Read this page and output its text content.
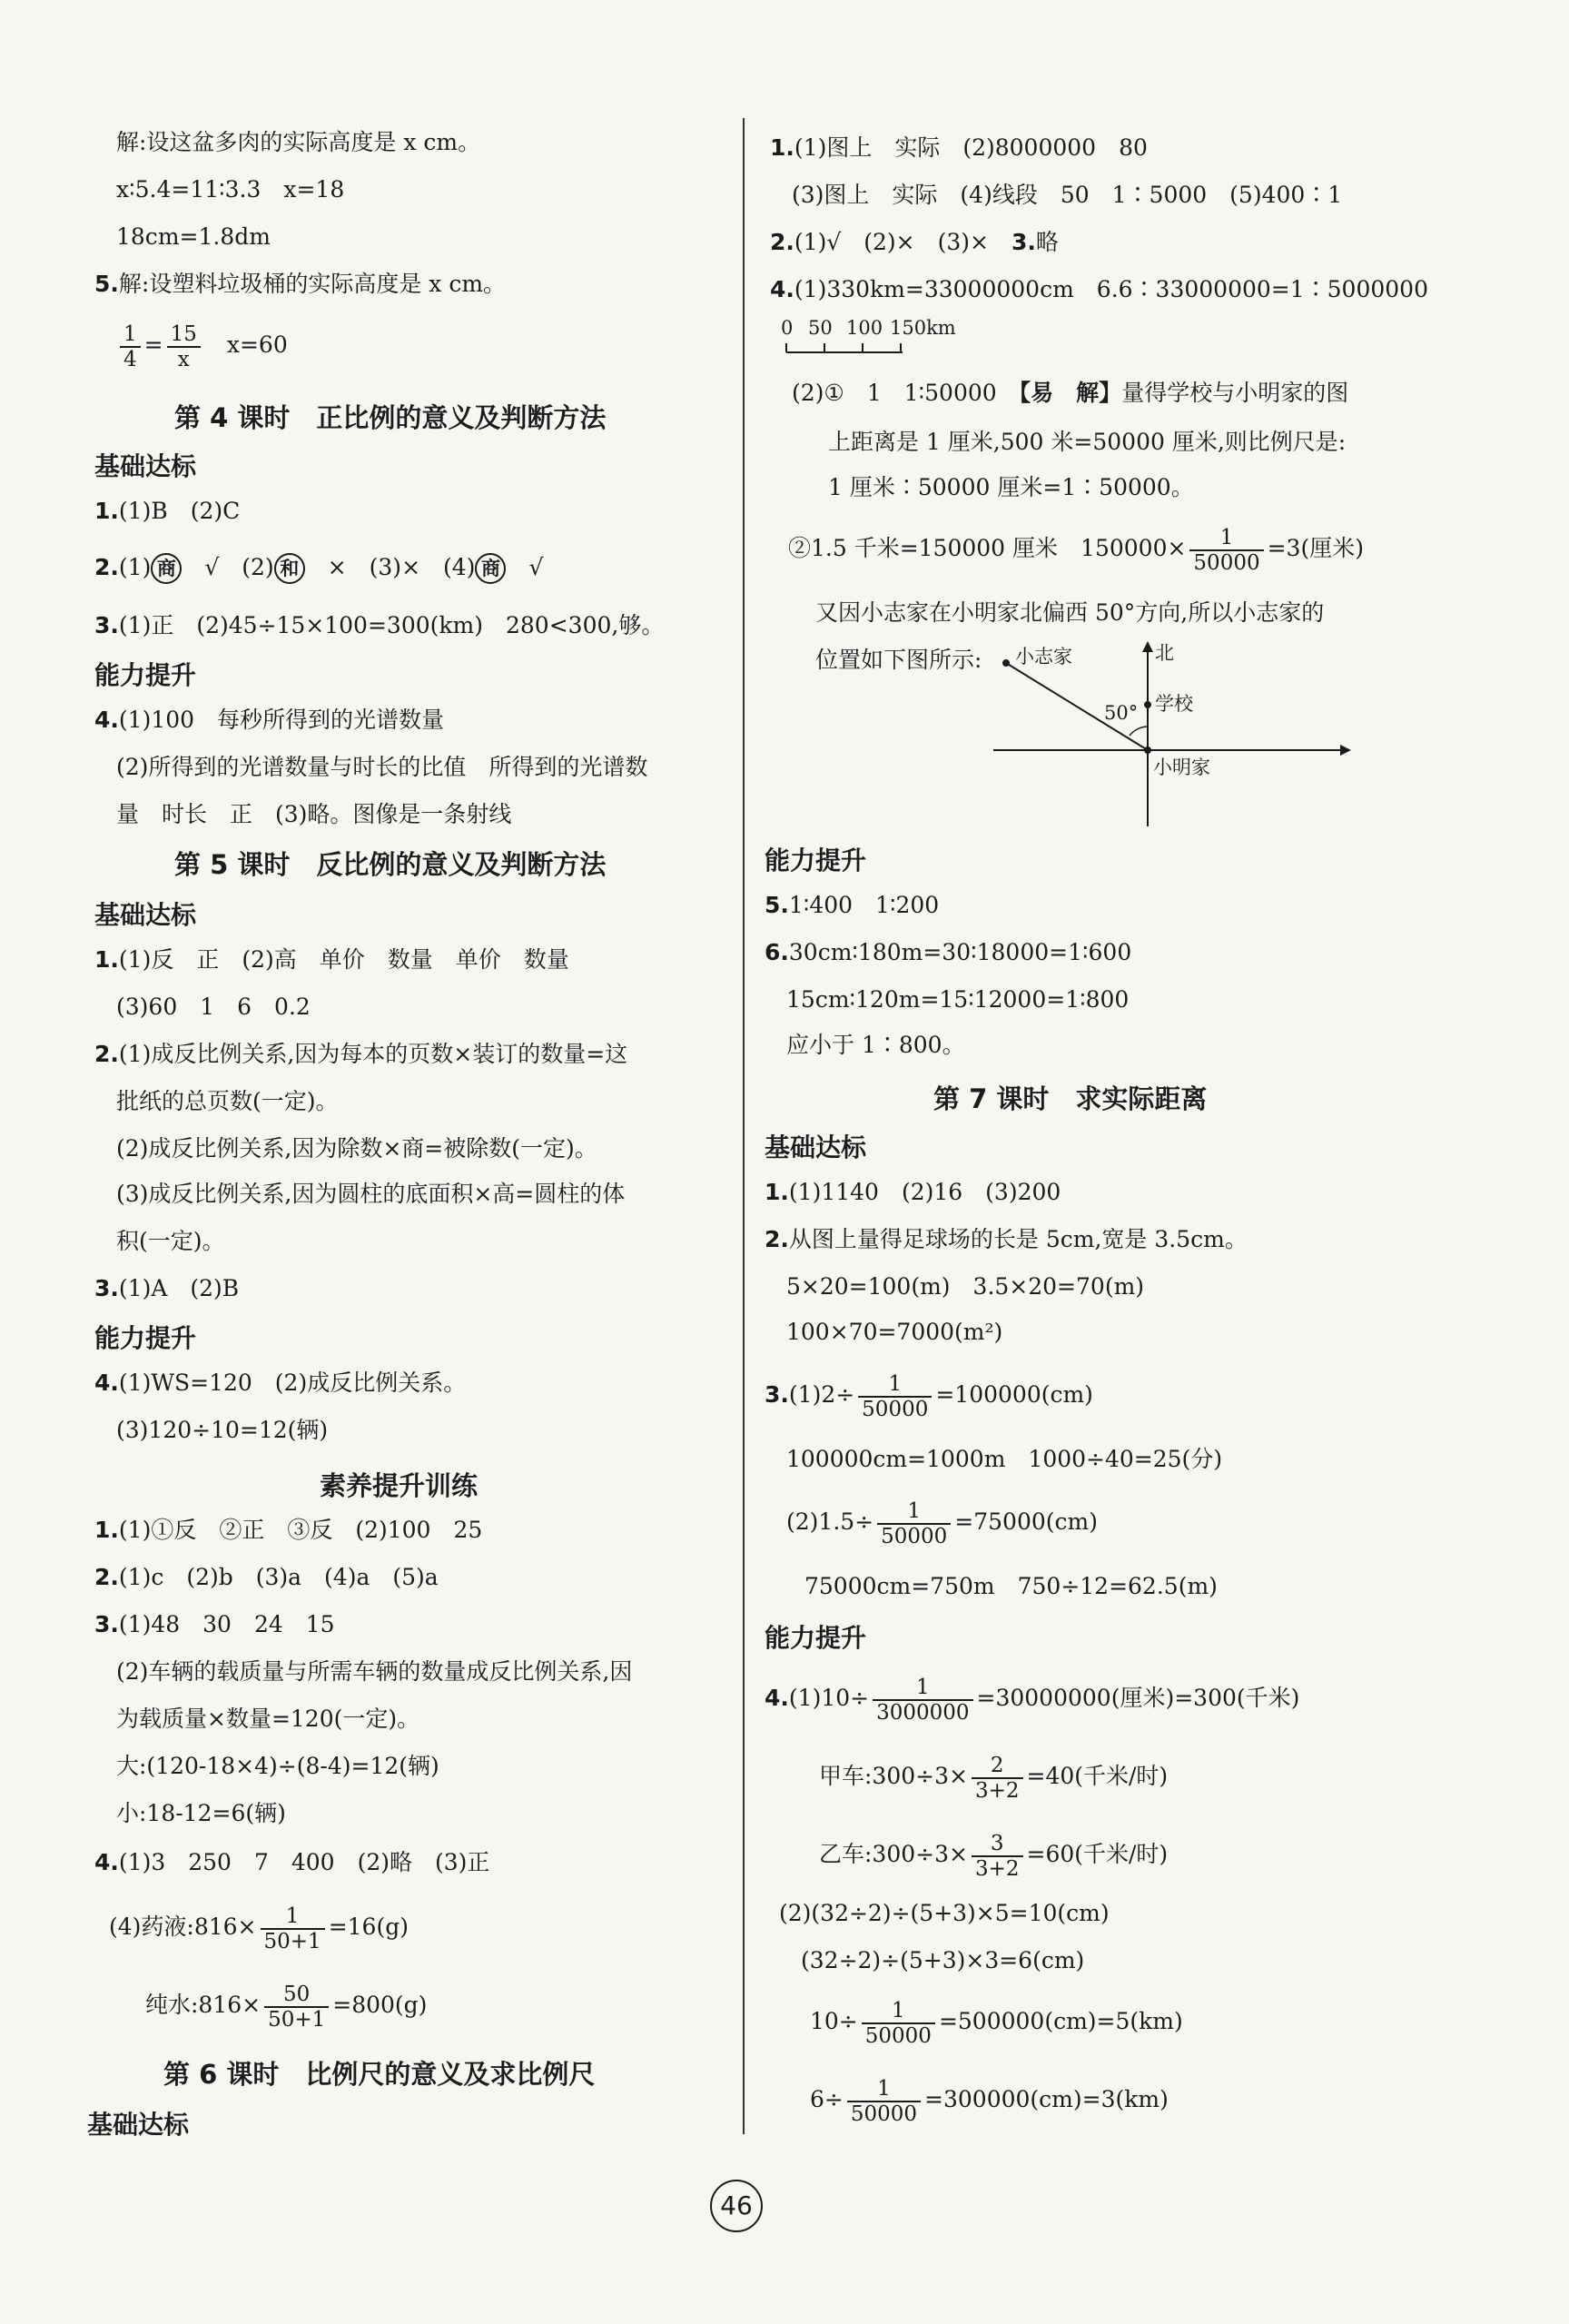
解:设这盆多肉的实际高度是 x cm。
x∶5.4=11∶3.3　x=18
18cm=1.8dm
5.解:设塑料垃圾桶的实际高度是 x cm。
$\frac{1}{4} = \frac{15}{x}$
　 x=60
第 4 课时　正比例的意义及判断方法
基础达标
1.(1)B　(2)C
2.(1) 商　 √　(2) 和　 ×　(3)×　(4) 商　 √
3.(1)正　(2)45÷15×100=300(km)　280<300,够。
能力提升
4.(1)100　每秒所得到的光谱数量
(2)所得到的光谱数量与时长的比值　所得到的光谱数
量　时长　正　(3)略。图像是一条射线
第 5 课时　反比例的意义及判断方法
基础达标
1.(1)反　正　(2)高　单价　数量　单价　数量
(3)60　1　6　0.2
2.(1)成反比例关系,因为每本的页数×装订的数量=这
批纸的总页数(一定)。
(2)成反比例关系,因为除数×商=被除数(一定)。
(3)成反比例关系,因为圆柱的底面积×高=圆柱的体
积(一定)。
3.(1)A　(2)B
能力提升
4.(1)WS=120　(2)成反比例关系。
(3)120÷10=12(辆)
素养提升训练
1.(1)①反　②正　③反　(2)100　25
2.(1)c　(2)b　(3)a　(4)a　(5)a
3.(1)48　30　24　15
(2)车辆的载质量与所需车辆的数量成反比例关系,因
为载质量×数量=120(一定)。
大:(120-18×4)÷(8-4)=12(辆)
小:18-12=6(辆)
4.(1)3　250　7　400　(2)略　(3)正
(4)药液:816× $\frac{1}{50+1} =16(g)$
纯水:816× $\frac{50}{50+1} =800(g)$
第 6 课时　比例尺的意义及求比例尺
基础达标
1.(1)图上　实际　(2)8000000　80
(3)图上　实际　(4)线段　50　1∶5000　(5)400∶1
2.(1)√　(2)×　(3)×　3.略
4.(1)330km=33000000cm　6.6∶33000000=1∶5000000
0 50 100 150km
(2)①　1　1∶50000　【易　解】量得学校与小明家的图
上距离是 1 厘米,500 米=50000 厘米,则比例尺是:
1 厘米∶50000 厘米=1∶50000。
②1.5 千米=150000 厘米　$150000\times \frac{1}{50000} =3$(厘米)
又因小志家在小明家北偏西 50°方向,所以小志家的
位置如下图所示: 小志家	北
学校
50°
小明家
能力提升
5.1∶400　1∶200
6.30cm∶180m=30∶18000=1∶600
15cm∶120m=15∶12000=1∶800
应小于 1∶800。
第 7 课时　求实际距离
基础达标
1.(1)1140　(2)16　(3)200
2.从图上量得足球场的长是 5cm,宽是 3.5cm。
5×20=100(m)　3.5×20=70(m)
100×70=7000(m²)
$3.(1)2\div \frac{1}{50000} =100000(cm)$
100000cm=1000m　1000÷40=25(分)
$(2)1.5\div \frac{1}{50000} =75000(cm)$
75000cm=750m　750÷12=62.5(m)
能力提升
$4.(1)10\div \frac{1}{3000000} =30000000$(厘米)=300(千米)
甲车:300÷3× $\frac{2}{3+2} =40$(千米/时)
乙车:300÷3× $\frac{3}{3+2} =60$(千米/时)
(2)(32÷2)÷(5+3)×5=10(cm)
(32÷2)÷(5+3)×3=6(cm)
$10\div \frac{1}{50000} =500000(cm)=5(km)$
$6\div \frac{1}{50000} =300000(cm)=3(km)$
46
